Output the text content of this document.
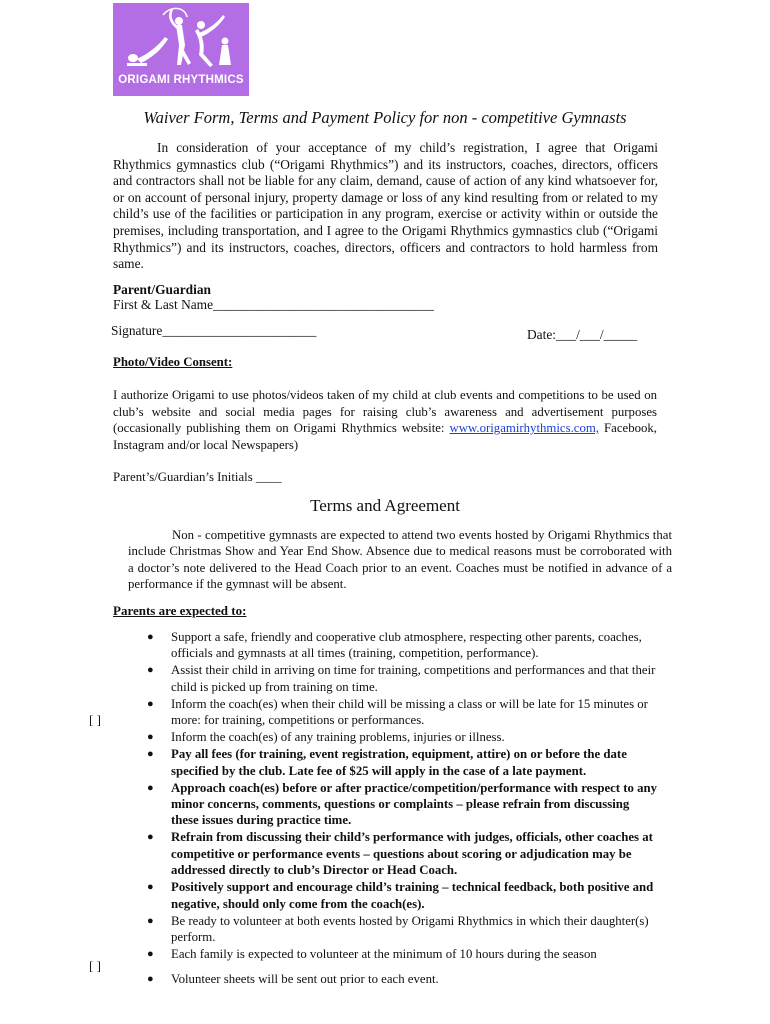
ORIGAMI RHYTHMICS
Waiver Form, Terms and Payment Policy for non - competitive Gymnasts
In consideration of your acceptance of my child’s registration, I agree that Origami Rhythmics gymnastics club (“Origami Rhythmics”) and its instructors, coaches, directors, officers and contractors shall not be liable for any claim, demand, cause of action of any kind whatsoever for, or on account of personal injury, property damage or loss of any kind resulting from or related to my child’s use of the facilities or participation in any program, exercise or activity within or outside the premises, including transportation, and I agree to the Origami Rhythmics gymnastics club (“Origami Rhythmics”) and its instructors, coaches, directors, officers and contractors to hold harmless from same.
Parent/Guardian
First & Last Name_________________________________
Signature_______________________	Date:___/___/_____
Photo/Video Consent:
I authorize Origami to use photos/videos taken of my child at club events and competitions to be used on club’s website and social media pages for raising club’s awareness and advertisement purposes (occasionally publishing them on Origami Rhythmics website: www.origamirhythmics.com, Facebook, Instagram and/or local Newspapers)
Parent’s/Guardian’s Initials ____
Terms and Agreement
Non - competitive gymnasts are expected to attend two events hosted by Origami Rhythmics that include Christmas Show and Year End Show. Absence due to medical reasons must be corroborated with a doctor’s note delivered to the Head Coach prior to an event. Coaches must be notified in advance of a performance if the gymnast will be absent.
Parents are expected to:
● Support a safe, friendly and cooperative club atmosphere, respecting other parents, coaches, officials and gymnasts at all times (training, competition, performance).
● Assist their child in arriving on time for training, competitions and performances and that their child is picked up from training on time.
● Inform the coach(es) when their child will be missing a class or will be late for 15 minutes or more: for training, competitions or performances.
● Inform the coach(es) of any training problems, injuries or illness.
● Pay all fees (for training, event registration, equipment, attire) on or before the date specified by the club. Late fee of $25 will apply in the case of a late payment.
● Approach coach(es) before or after practice/competition/performance with respect to any minor concerns, comments, questions or complaints – please refrain from discussing these issues during practice time.
● Refrain from discussing their child’s performance with judges, officials, other coaches at competitive or performance events – questions about scoring or adjudication may be addressed directly to club’s Director or Head Coach.
● Positively support and encourage child’s training – technical feedback, both positive and negative, should only come from the coach(es).
● Be ready to volunteer at both events hosted by Origami Rhythmics in which their daughter(s) perform.
● Each family is expected to volunteer at the minimum of 10 hours during the season
● Volunteer sheets will be sent out prior to each event.
[ ]
[ ]
